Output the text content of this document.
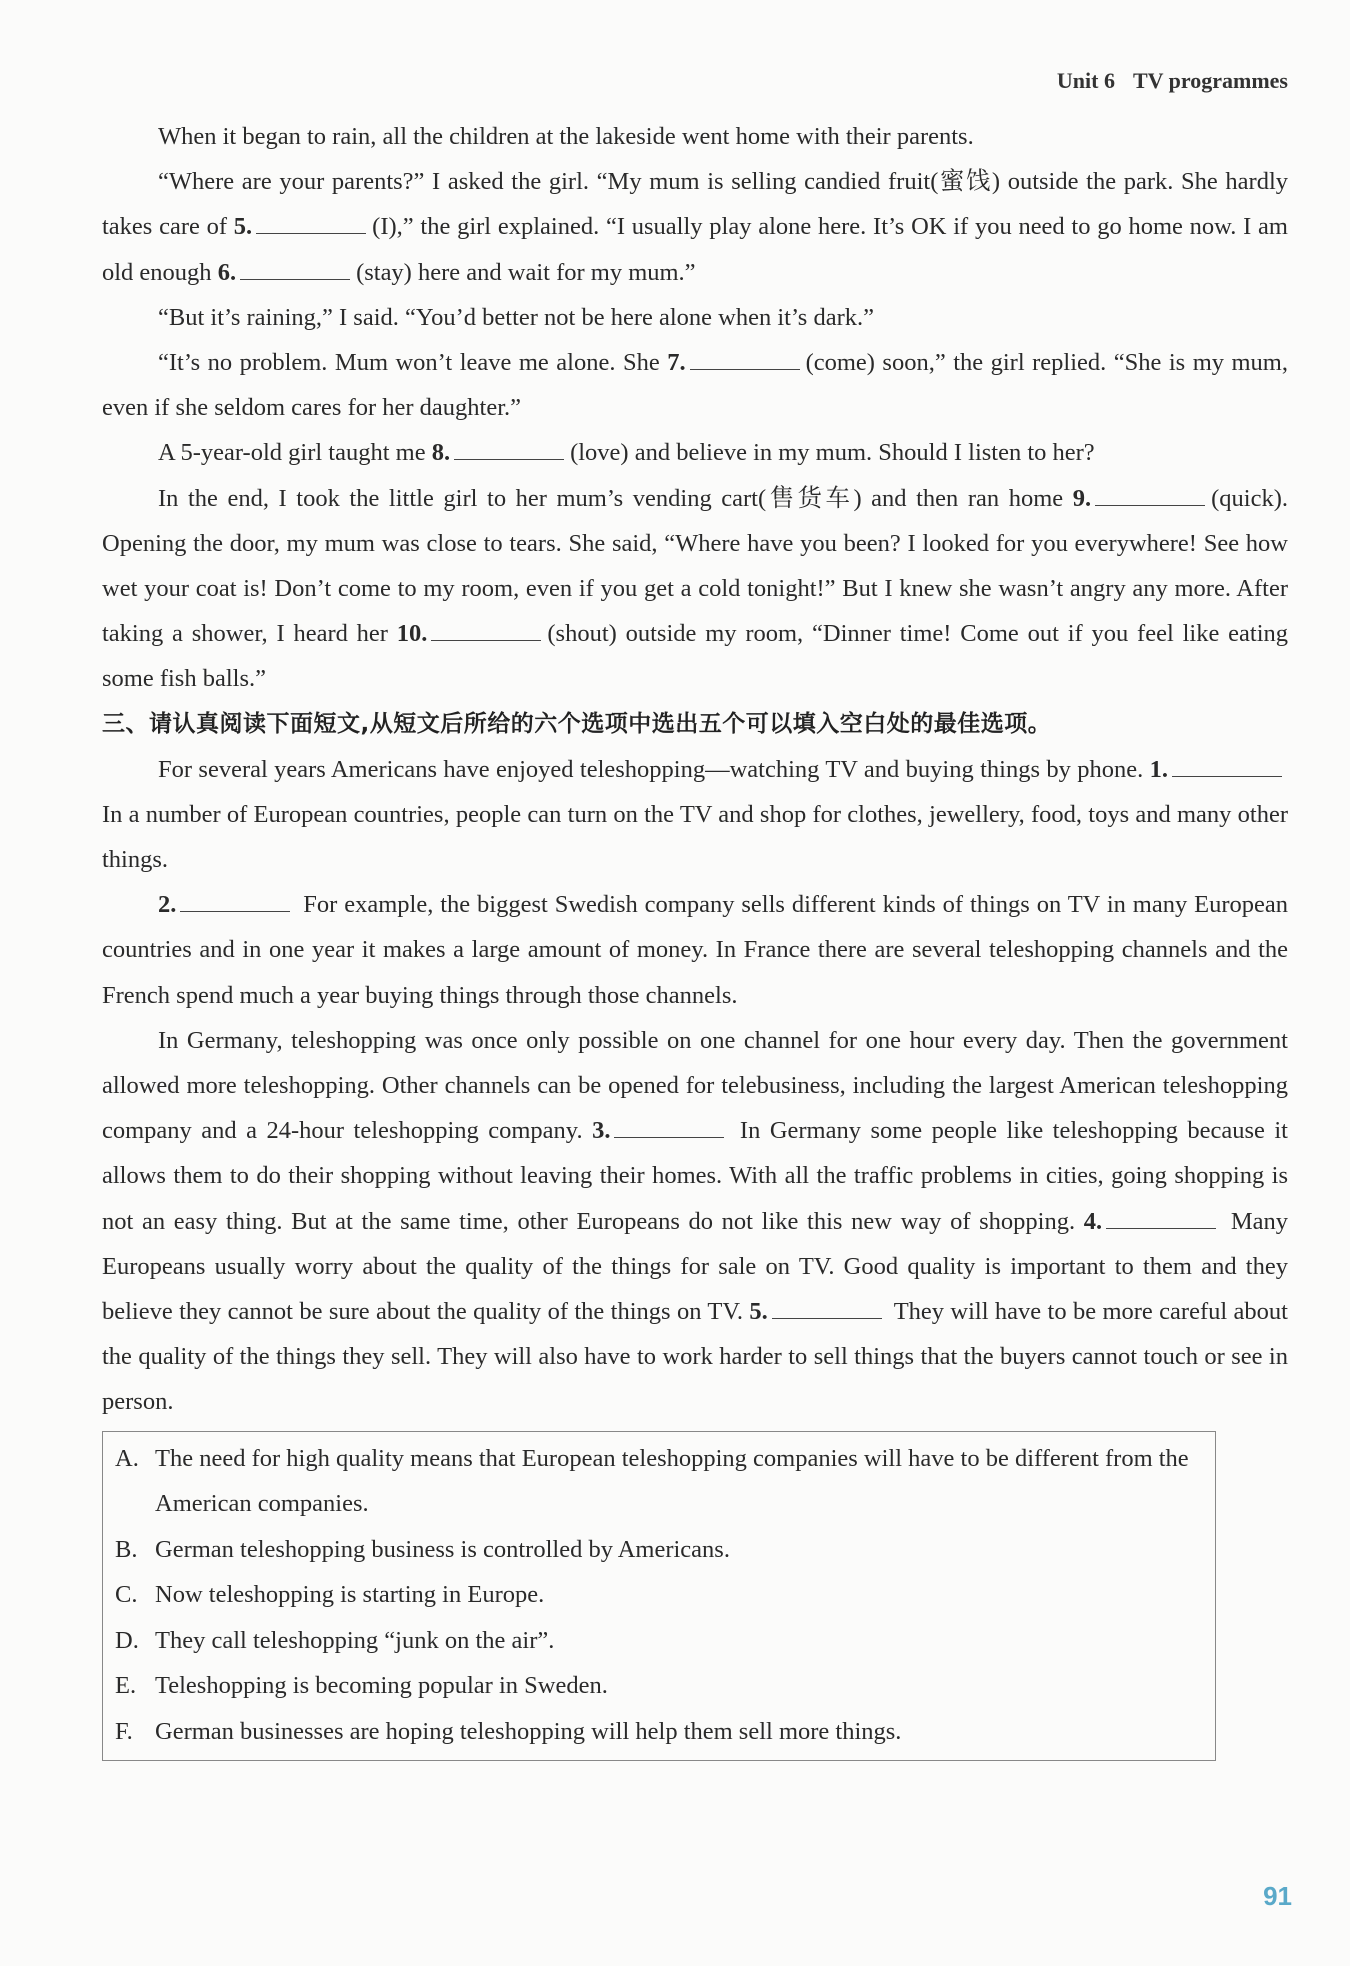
Unit 6 TV programmes

When it began to rain, all the children at the lakeside went home with their parents.

“Where are your parents?” I asked the girl. “My mum is selling candied fruit(蜜饯) outside the park. She hardly takes care of 5.	(I),” the girl explained. “I usually play alone here. It’s OK if you need to go home now. I am old enough 6.	(stay) here and wait for my mum.”

“But it’s raining,” I said. “You’d better not be here alone when it’s dark.”

“It’s no problem. Mum won’t leave me alone. She 7.	(come) soon,” the girl replied. “She is my mum, even if she seldom cares for her daughter.”

A 5-year-old girl taught me 8.	(love) and believe in my mum. Should I listen to her?

In the end, I took the little girl to her mum’s vending cart(售货车) and then ran home 9.	(quick). Opening the door, my mum was close to tears. She said, “Where have you been? I looked for you everywhere! See how wet your coat is! Don’t come to my room, even if you get a cold tonight!” But I knew she wasn’t angry any more. After taking a shower, I heard her 10.	(shout) outside my room, “Dinner time! Come out if you feel like eating some fish balls.”

三、请认真阅读下面短文,从短文后所给的六个选项中选出五个可以填入空白处的最佳选项。

For several years Americans have enjoyed teleshopping—watching TV and buying things by phone. 1. In a number of European countries, people can turn on the TV and shop for clothes, jewellery, food, toys and many other things.

2.	For example, the biggest Swedish company sells different kinds of things on TV in many European countries and in one year it makes a large amount of money. In France there are several teleshopping channels and the French spend much a year buying things through those channels.

In Germany, teleshopping was once only possible on one channel for one hour every day. Then the government allowed more teleshopping. Other channels can be opened for telebusiness, including the largest American teleshopping company and a 24-hour teleshopping company. 3.	In Germany some people like teleshopping because it allows them to do their shopping without leaving their homes. With all the traffic problems in cities, going shopping is not an easy thing. But at the same time, other Europeans do not like this new way of shopping. 4.	Many Europeans usually worry about the quality of the things for sale on TV. Good quality is important to them and they believe they cannot be sure about the quality of the things on TV. 5.	They will have to be more careful about the quality of the things they sell. They will also have to work harder to sell things that the buyers cannot touch or see in person.

A. The need for high quality means that European teleshopping companies will have to be different from the American companies.
B. German teleshopping business is controlled by Americans.
C. Now teleshopping is starting in Europe.
D. They call teleshopping “junk on the air”.
E. Teleshopping is becoming popular in Sweden.
F. German businesses are hoping teleshopping will help them sell more things.
91
